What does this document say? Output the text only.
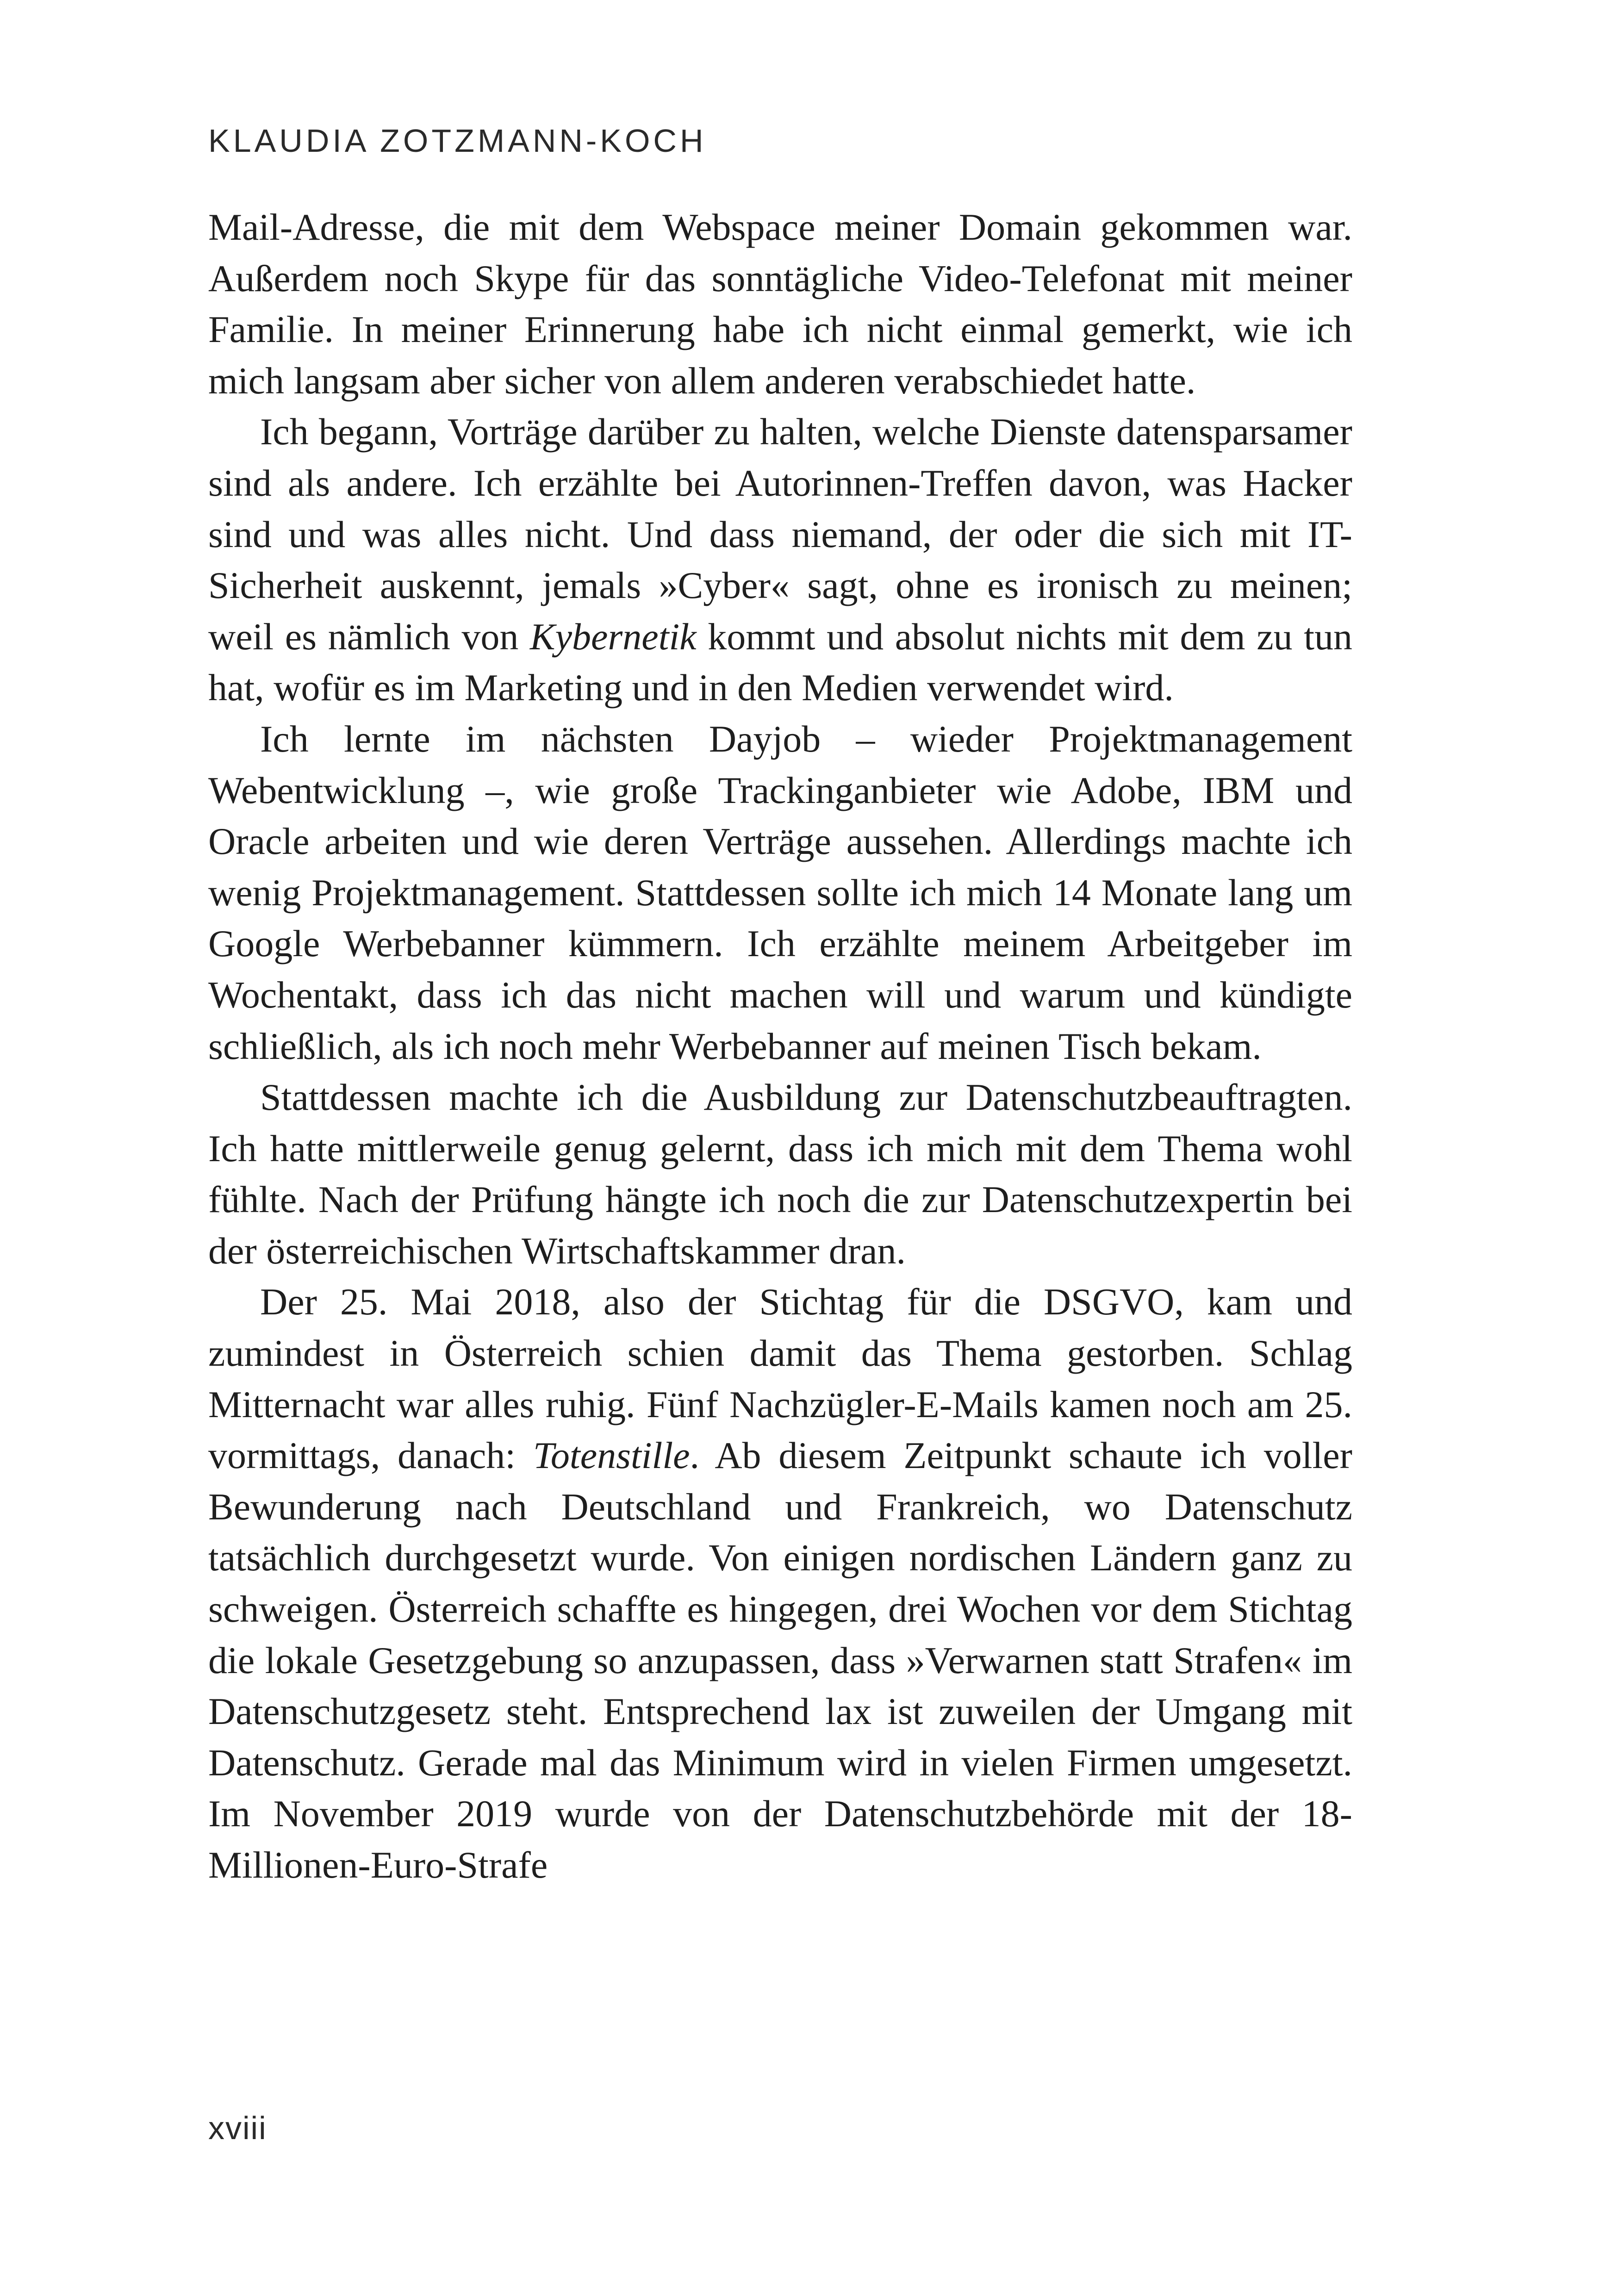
KLAUDIA ZOTZMANN-KOCH

Mail-Adresse, die mit dem Webspace meiner Domain gekommen war. Außerdem noch Skype für das sonntägliche Video-Telefonat mit meiner Familie. In meiner Erinnerung habe ich nicht einmal gemerkt, wie ich mich langsam aber sicher von allem anderen verabschiedet hatte.

Ich begann, Vorträge darüber zu halten, welche Dienste datensparsamer sind als andere. Ich erzählte bei Autorinnen-Treffen davon, was Hacker sind und was alles nicht. Und dass niemand, der oder die sich mit IT-Sicherheit auskennt, jemals »Cyber« sagt, ohne es ironisch zu meinen; weil es nämlich von Kybernetik kommt und absolut nichts mit dem zu tun hat, wofür es im Marketing und in den Medien verwendet wird.

Ich lernte im nächsten Dayjob – wieder Projektmanagement Webentwicklung –, wie große Trackinganbieter wie Adobe, IBM und Oracle arbeiten und wie deren Verträge aussehen. Allerdings machte ich wenig Projektmanagement. Stattdessen sollte ich mich 14 Monate lang um Google Werbebanner kümmern. Ich erzählte meinem Arbeitgeber im Wochentakt, dass ich das nicht machen will und warum und kündigte schließlich, als ich noch mehr Werbebanner auf meinen Tisch bekam.

Stattdessen machte ich die Ausbildung zur Datenschutzbeauftragten. Ich hatte mittlerweile genug gelernt, dass ich mich mit dem Thema wohl fühlte. Nach der Prüfung hängte ich noch die zur Datenschutzexpertin bei der österreichischen Wirtschaftskammer dran.

Der 25. Mai 2018, also der Stichtag für die DSGVO, kam und zumindest in Österreich schien damit das Thema gestorben. Schlag Mitternacht war alles ruhig. Fünf Nachzügler-E-Mails kamen noch am 25. vormittags, danach: Totenstille. Ab diesem Zeitpunkt schaute ich voller Bewunderung nach Deutschland und Frankreich, wo Datenschutz tatsächlich durchgesetzt wurde. Von einigen nordischen Ländern ganz zu schweigen. Österreich schaffte es hingegen, drei Wochen vor dem Stichtag die lokale Gesetzgebung so anzupassen, dass »Verwarnen statt Strafen« im Datenschutzgesetz steht. Entsprechend lax ist zuweilen der Umgang mit Datenschutz. Gerade mal das Minimum wird in vielen Firmen umgesetzt. Im November 2019 wurde von der Datenschutzbehörde mit der 18-Millionen-Euro-Strafe

xviii
